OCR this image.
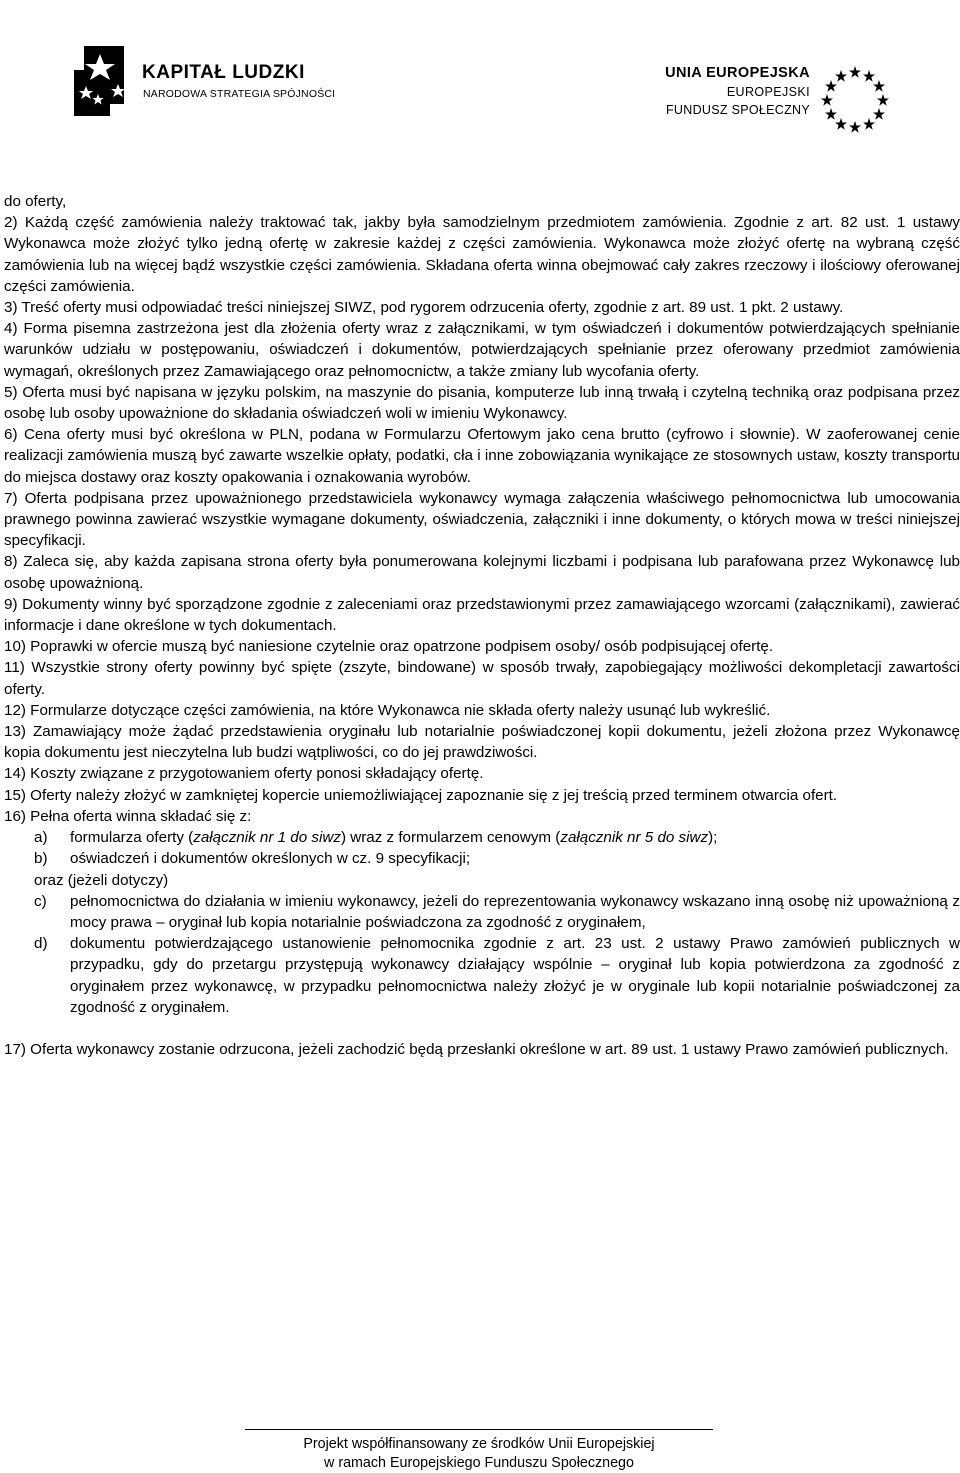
KAPITAŁ LUDZKI
NARODOWA STRATEGIA SPÓJNOŚCI
UNIA EUROPEJSKA
EUROPEJSKI
FUNDUSZ SPOŁECZNY

do oferty,

2) Każdą część zamówienia należy traktować tak, jakby była samodzielnym przedmiotem zamówienia. Zgodnie z art. 82 ust. 1 ustawy Wykonawca może złożyć tylko jedną ofertę w zakresie każdej z części zamówienia. Wykonawca może złożyć ofertę na wybraną część zamówienia lub na więcej bądź wszystkie części zamówienia. Składana oferta winna obejmować cały zakres rzeczowy i ilościowy oferowanej części zamówienia.

3) Treść oferty musi odpowiadać treści niniejszej SIWZ, pod rygorem odrzucenia oferty, zgodnie z art. 89 ust. 1 pkt. 2 ustawy.

4) Forma pisemna zastrzeżona jest dla złożenia oferty wraz z załącznikami, w tym oświadczeń i dokumentów potwierdzających spełnianie warunków udziału w postępowaniu, oświadczeń i dokumentów, potwierdzających spełnianie przez oferowany przedmiot zamówienia wymagań, określonych przez Zamawiającego oraz pełnomocnictw, a także zmiany lub wycofania oferty.

5) Oferta musi być napisana w języku polskim, na maszynie do pisania, komputerze lub inną trwałą i czytelną techniką oraz podpisana przez osobę lub osoby upoważnione do składania oświadczeń woli w imieniu Wykonawcy.

6) Cena oferty musi być określona w PLN, podana w Formularzu Ofertowym jako cena brutto (cyfrowo i słownie). W zaoferowanej cenie realizacji zamówienia muszą być zawarte wszelkie opłaty, podatki, cła i inne zobowiązania wynikające ze stosownych ustaw, koszty transportu do miejsca dostawy oraz koszty opakowania i oznakowania wyrobów.

7) Oferta podpisana przez upoważnionego przedstawiciela wykonawcy wymaga załączenia właściwego pełnomocnictwa lub umocowania prawnego powinna zawierać wszystkie wymagane dokumenty, oświadczenia, załączniki i inne dokumenty, o których mowa w treści niniejszej specyfikacji.

8) Zaleca się, aby każda zapisana strona oferty była ponumerowana kolejnymi liczbami i podpisana lub parafowana przez Wykonawcę lub osobę upoważnioną.

9) Dokumenty winny być sporządzone zgodnie z zaleceniami oraz przedstawionymi przez zamawiającego wzorcami (załącznikami), zawierać informacje i dane określone w tych dokumentach.

10) Poprawki w ofercie muszą być naniesione czytelnie oraz opatrzone podpisem osoby/ osób podpisującej ofertę.

11) Wszystkie strony oferty powinny być spięte (zszyte, bindowane) w sposób trwały, zapobiegający możliwości dekompletacji zawartości oferty.

12) Formularze dotyczące części zamówienia, na które Wykonawca nie składa oferty należy usunąć lub wykreślić.

13) Zamawiający może żądać przedstawienia oryginału lub notarialnie poświadczonej kopii dokumentu, jeżeli złożona przez Wykonawcę kopia dokumentu jest nieczytelna lub budzi wątpliwości, co do jej prawdziwości.

14) Koszty związane z przygotowaniem oferty ponosi składający ofertę.

15) Oferty należy złożyć w zamkniętej kopercie uniemożliwiającej zapoznanie się z jej treścią przed terminem otwarcia ofert.

16) Pełna oferta winna składać się z:

a)	formularza oferty (załącznik nr 1 do siwz) wraz z formularzem cenowym (załącznik nr 5 do siwz);
b)	oświadczeń i dokumentów określonych w cz. 9 specyfikacji;

oraz (jeżeli dotyczy)

c)	pełnomocnictwa do działania w imieniu wykonawcy, jeżeli do reprezentowania wykonawcy wskazano inną osobę niż upoważnioną z mocy prawa – oryginał lub kopia notarialnie poświadczona za zgodność z oryginałem,
d)	dokumentu potwierdzającego ustanowienie pełnomocnika zgodnie z art. 23 ust. 2 ustawy Prawo zamówień publicznych w przypadku, gdy do przetargu przystępują wykonawcy działający wspólnie – oryginał lub kopia potwierdzona za zgodność z oryginałem przez wykonawcę, w przypadku pełnomocnictwa należy złożyć je w oryginale lub kopii notarialnie poświadczonej za zgodność z oryginałem.

17) Oferta wykonawcy zostanie odrzucona, jeżeli zachodzić będą przesłanki określone w art. 89 ust. 1 ustawy Prawo zamówień publicznych.

Projekt współfinansowany ze środków Unii Europejskiej
w ramach Europejskiego Funduszu Społecznego
